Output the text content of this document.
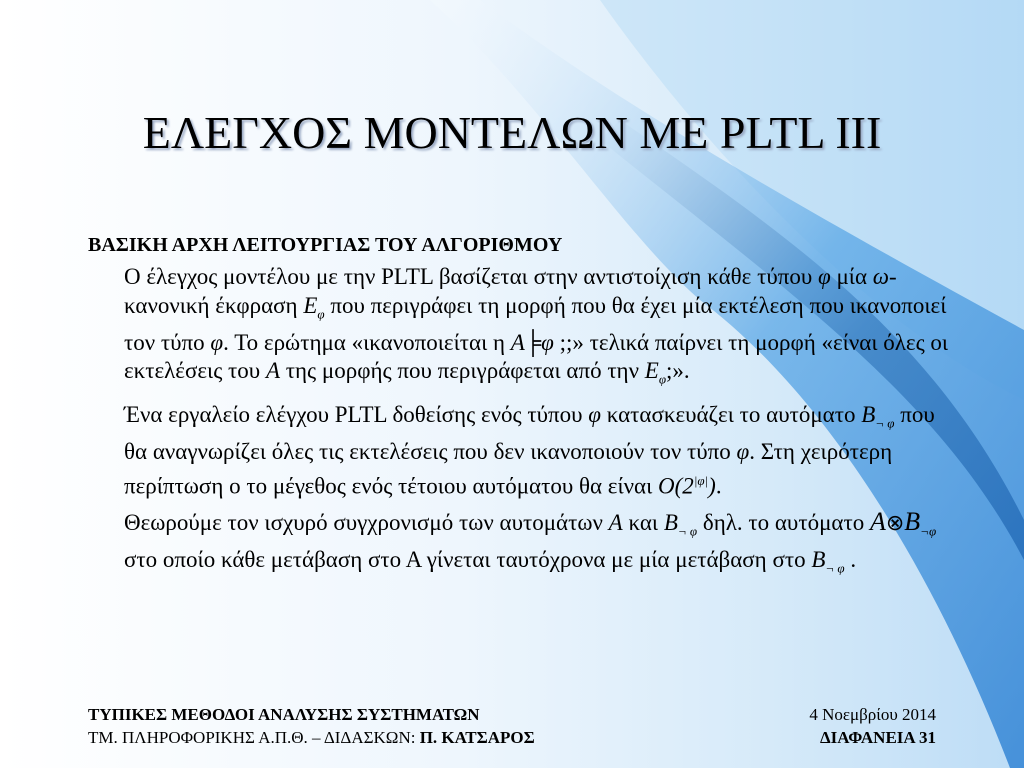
ΕΛΕΓΧΟΣ ΜΟΝΤΕΛΩΝ ΜΕ PLTL III
ΒΑΣΙΚΗ ΑΡΧΗ ΛΕΙΤΟΥΡΓΙΑΣ ΤΟΥ ΑΛΓΟΡΙΘΜΟΥ
Ο έλεγχος μοντέλου με την PLTL βασίζεται στην αντιστοίχιση κάθε τύπου φ μία ω-κανονική έκφραση $E_\varphi$ που περιγράφει τη μορφή που θα έχει μία εκτέλεση που ικανοποιεί τον τύπο φ. Το ερώτημα «ικανοποιείται η A╞φ ;;» τελικά παίρνει τη μορφή «είναι όλες οι εκτελέσεις του A της μορφής που περιγράφεται από την $E_\varphi$;».
Ένα εργαλείο ελέγχου PLTL δοθείσης ενός τύπου φ κατασκευάζει το αυτόματο $B_{\neg \varphi}$ που θα αναγνωρίζει όλες τις εκτελέσεις που δεν ικανοποιούν τον τύπο φ. Στη χειρότερη περίπτωση ο το μέγεθος ενός τέτοιου αυτόματου θα είναι $O(2^{|\varphi|})$.
Θεωρούμε τον ισχυρό συγχρονισμό των αυτομάτων A και $B_{\neg \varphi}$ δηλ. το αυτόματο $A\otimes B_{\neg\varphi}$ στο οποίο κάθε μετάβαση στο Α γίνεται ταυτόχρονα με μία μετάβαση στο $B_{\neg \varphi}$ .
ΤΥΠΙΚΕΣ ΜΕΘΟΔΟΙ ΑΝΑΛΥΣΗΣ ΣΥΣΤΗΜΑΤΩΝ
ΤΜ. ΠΛΗΡΟΦΟΡΙΚΗΣ Α.Π.Θ. – ΔΙΔΑΣΚΩΝ: Π. ΚΑΤΣΑΡΟΣ
4 Νοεμβρίου 2014
ΔΙΑΦΑΝΕΙΑ 31
